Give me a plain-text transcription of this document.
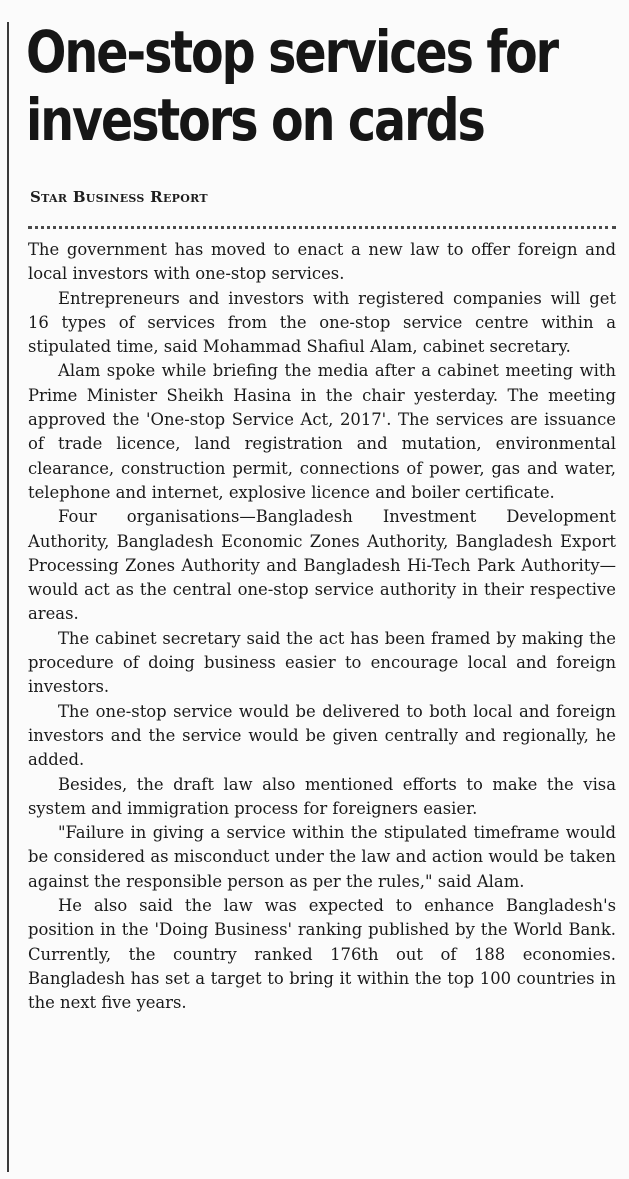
One-stop services for
investors on cards
Star Business Report

The government has moved to enact a new law to offer foreign and local investors with one-stop services.

Entrepreneurs and investors with registered companies will get 16 types of services from the one-stop service centre within a stipulated time, said Mohammad Shafiul Alam, cabinet secretary.

Alam spoke while briefing the media after a cabinet meeting with Prime Minister Sheikh Hasina in the chair yesterday. The meeting approved the 'One-stop Service Act, 2017'. The services are issuance of trade licence, land registration and mutation, environmental clearance, construction permit, connections of power, gas and water, telephone and internet, explosive licence and boiler certificate.

Four organisations—Bangladesh Investment Development Authority, Bangladesh Economic Zones Authority, Bangladesh Export Processing Zones Authority and Bangladesh Hi-Tech Park Authority—would act as the central one-stop service authority in their respective areas.

The cabinet secretary said the act has been framed by making the procedure of doing business easier to encourage local and foreign investors.

The one-stop service would be delivered to both local and foreign investors and the service would be given centrally and regionally, he added.

Besides, the draft law also mentioned efforts to make the visa system and immigration process for foreigners easier.

"Failure in giving a service within the stipulated timeframe would be considered as misconduct under the law and action would be taken against the responsible person as per the rules," said Alam.

He also said the law was expected to enhance Bangladesh's position in the 'Doing Business' ranking published by the World Bank. Currently, the country ranked 176th out of 188 economies. Bangladesh has set a target to bring it within the top 100 countries in the next five years.
